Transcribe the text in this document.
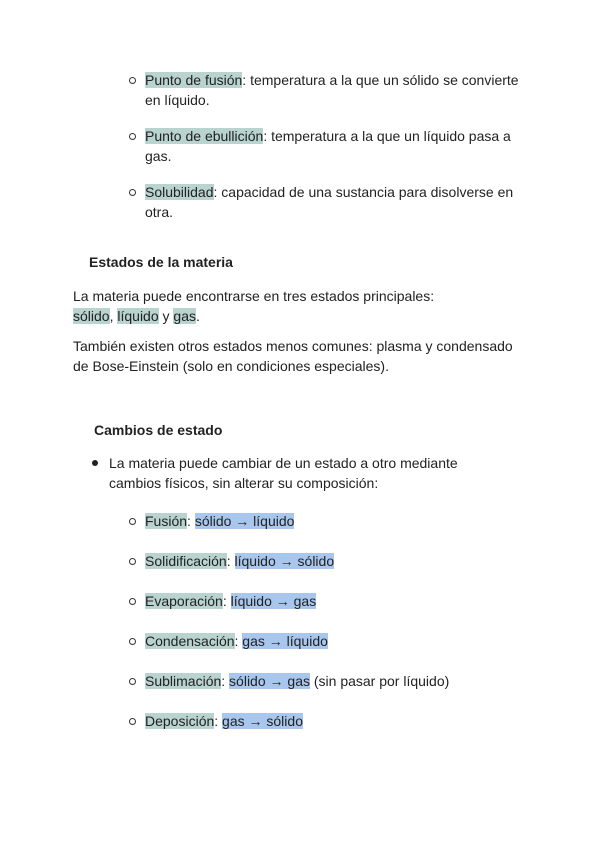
Punto de fusión: temperatura a la que un sólido se convierte en líquido.
Punto de ebullición: temperatura a la que un líquido pasa a gas.
Solubilidad: capacidad de una sustancia para disolverse en otra.
Estados de la materia
La materia puede encontrarse en tres estados principales:
sólido, líquido y gas.
También existen otros estados menos comunes: plasma y condensado de Bose-Einstein (solo en condiciones especiales).
Cambios de estado
La materia puede cambiar de un estado a otro mediante cambios físicos, sin alterar su composición:
Fusión: sólido → líquido
Solidificación: líquido → sólido
Evaporación: líquido → gas
Condensación: gas → líquido
Sublimación: sólido → gas (sin pasar por líquido)
Deposición: gas → sólido
